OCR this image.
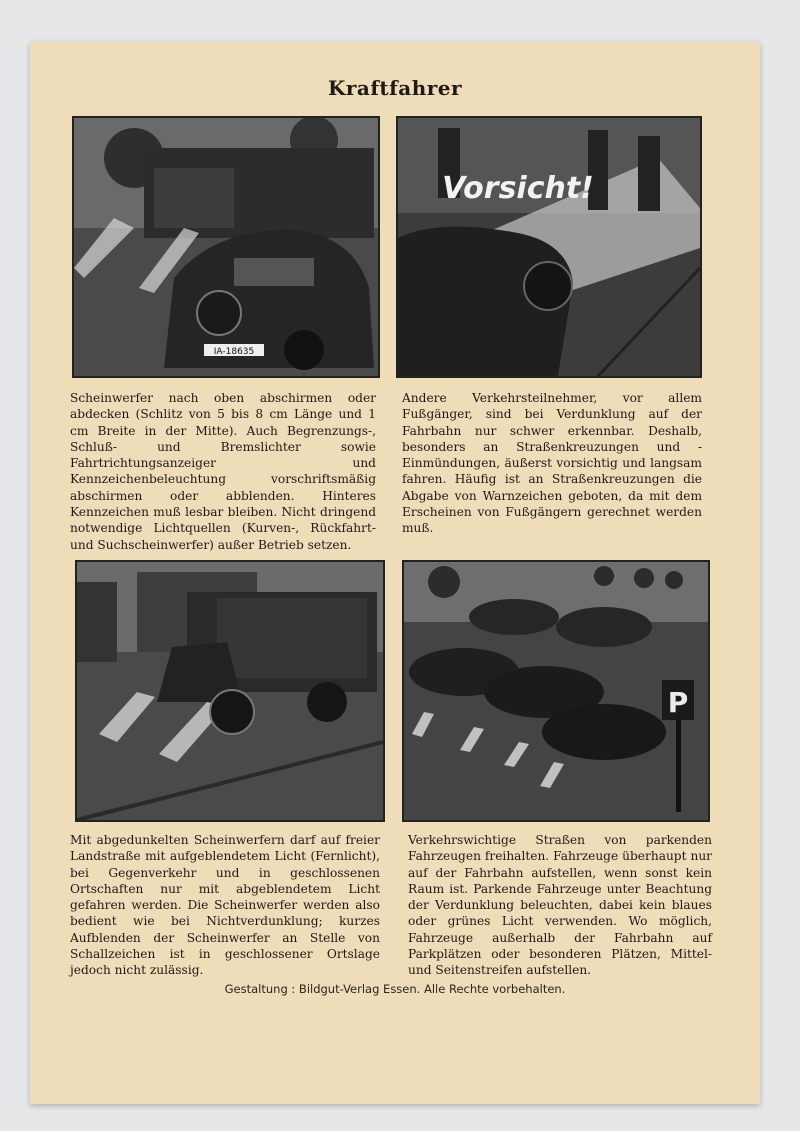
Kraftfahrer
IA-18635
Vorsicht!

Scheinwerfer nach oben abschirmen oder abdecken (Schlitz von 5 bis 8 cm Länge und 1 cm Breite in der Mitte). Auch Begrenzungs-, Schluß- und Bremslichter sowie Fahrtrichtungsanzeiger und Kennzeichenbeleuchtung vorschriftsmäßig abschirmen oder abblenden. Hinteres Kennzeichen muß lesbar bleiben. Nicht dringend notwendige Lichtquellen (Kurven-, Rückfahrt- und Suchscheinwerfer) außer Betrieb setzen.

Andere Verkehrsteilnehmer, vor allem Fußgänger, sind bei Verdunklung auf der Fahrbahn nur schwer erkennbar. Deshalb, besonders an Straßenkreuzungen und -Einmündungen, äußerst vorsichtig und langsam fahren. Häufig ist an Straßenkreuzungen die Abgabe von Warnzeichen geboten, da mit dem Erscheinen von Fußgängern gerechnet werden muß.

P

Mit abgedunkelten Scheinwerfern darf auf freier Landstraße mit aufgeblendetem Licht (Fernlicht), bei Gegenverkehr und in geschlossenen Ortschaften nur mit abgeblendetem Licht gefahren werden. Die Scheinwerfer werden also bedient wie bei Nichtverdunklung; kurzes Aufblenden der Scheinwerfer an Stelle von Schallzeichen ist in geschlossener Ortslage jedoch nicht zulässig.

Verkehrswichtige Straßen von parkenden Fahrzeugen freihalten. Fahrzeuge überhaupt nur auf der Fahrbahn aufstellen, wenn sonst kein Raum ist. Parkende Fahrzeuge unter Beachtung der Verdunklung beleuchten, dabei kein blaues oder grünes Licht verwenden. Wo möglich, Fahrzeuge außerhalb der Fahrbahn auf Parkplätzen oder besonderen Plätzen, Mittel- und Seitenstreifen aufstellen.

Gestaltung : Bildgut-Verlag Essen. Alle Rechte vorbehalten.
